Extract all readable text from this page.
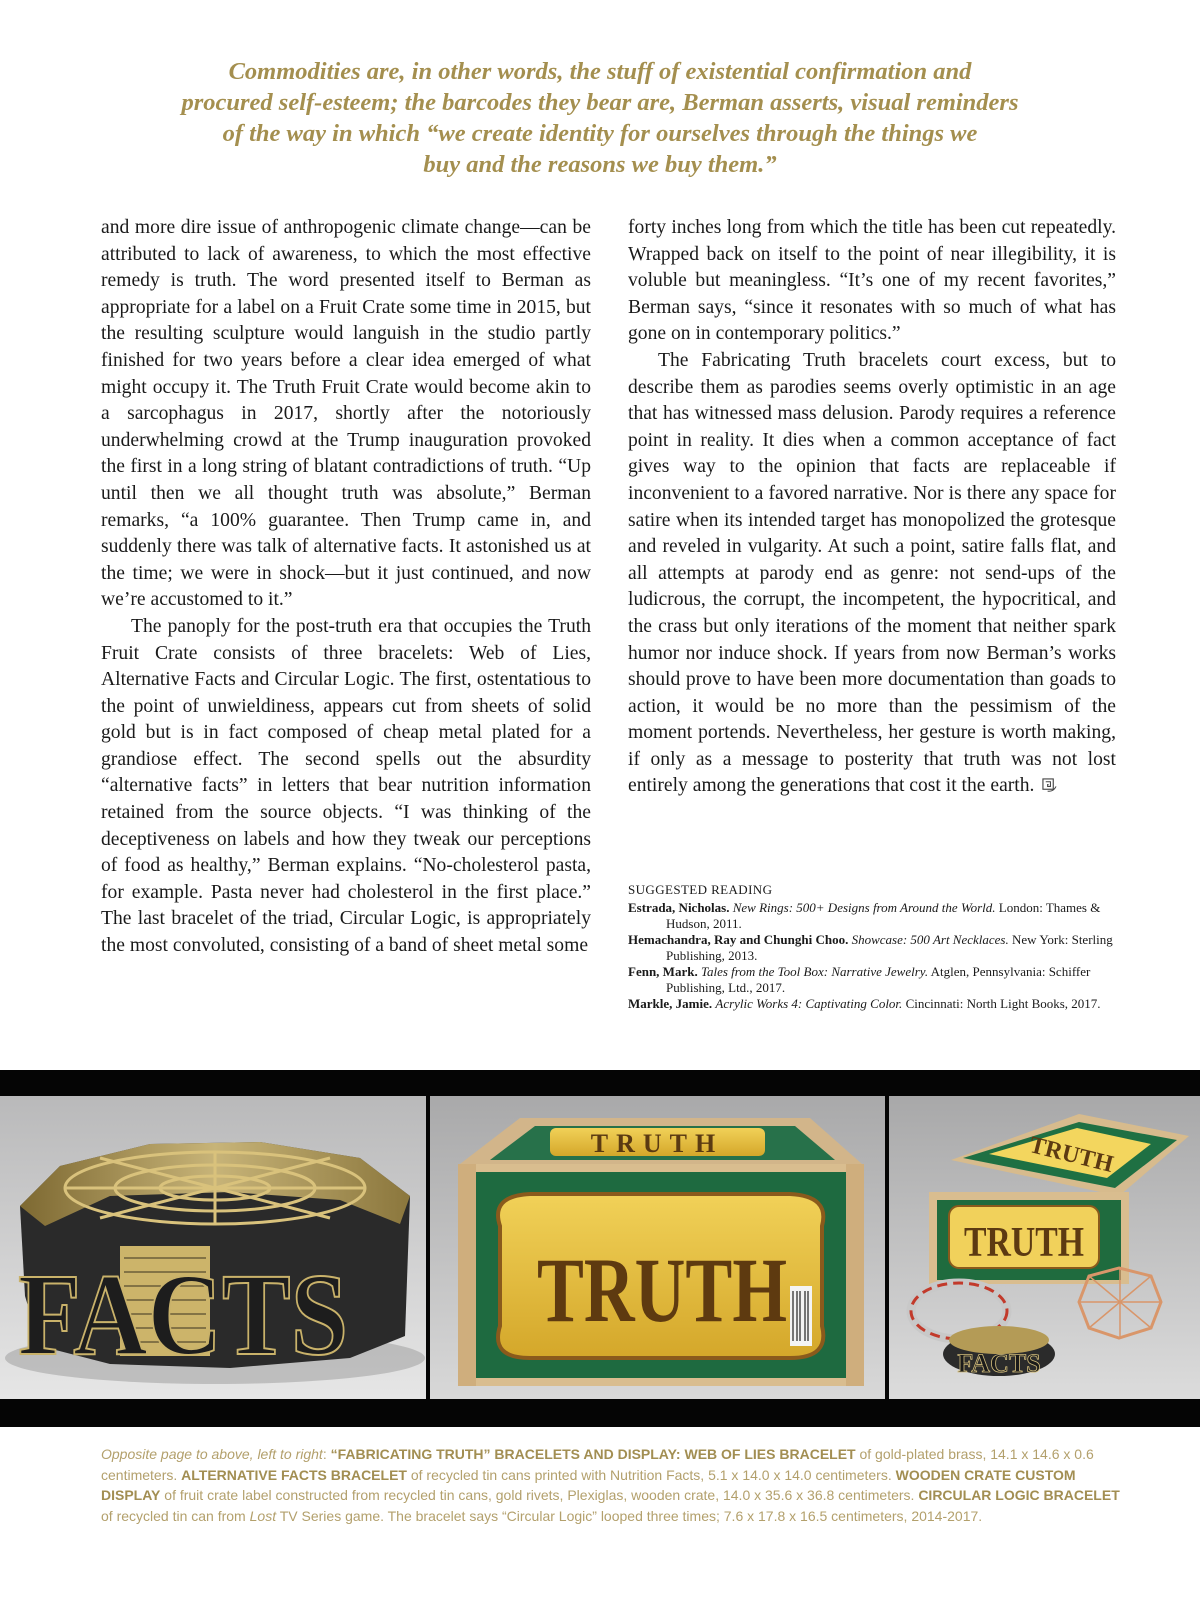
Commodities are, in other words, the stuff of existential confirmation and
procured self-esteem; the barcodes they bear are, Berman asserts, visual reminders
of the way in which “we create identity for ourselves through the things we
buy and the reasons we buy them.”

and more dire issue of anthropogenic climate change—can be attributed to lack of awareness, to which the most effective remedy is truth. The word presented itself to Berman as appropriate for a label on a Fruit Crate some time in 2015, but the resulting sculpture would languish in the studio partly finished for two years before a clear idea emerged of what might occupy it. The Truth Fruit Crate would become akin to a sarcophagus in 2017, shortly after the notoriously underwhelming crowd at the Trump inauguration provoked the first in a long string of blatant contradictions of truth. “Up until then we all thought truth was absolute,” Berman remarks, “a 100% guarantee. Then Trump came in, and suddenly there was talk of alternative facts. It astonished us at the time; we were in shock—but it just continued, and now we’re accustomed to it.”

The panoply for the post-truth era that occupies the Truth Fruit Crate consists of three bracelets: Web of Lies, Alternative Facts and Circular Logic. The first, ostentatious to the point of unwieldiness, appears cut from sheets of solid gold but is in fact composed of cheap metal plated for a grandiose effect. The second spells out the absurdity “alternative facts” in letters that bear nutrition information retained from the source objects. “I was thinking of the deceptiveness on labels and how they tweak our perceptions of food as healthy,” Berman explains. “No-cholesterol pasta, for example. Pasta never had cholesterol in the first place.” The last bracelet of the triad, Circular Logic, is appropriately the most convoluted, consisting of a band of sheet metal some

forty inches long from which the title has been cut repeatedly. Wrapped back on itself to the point of near illegibility, it is voluble but meaningless. “It’s one of my recent favorites,” Berman says, “since it resonates with so much of what has gone on in contemporary politics.”

The Fabricating Truth bracelets court excess, but to describe them as parodies seems overly optimistic in an age that has witnessed mass delusion. Parody requires a reference point in reality. It dies when a common acceptance of fact gives way to the opinion that facts are replaceable if inconvenient to a favored narrative. Nor is there any space for satire when its intended target has monopolized the grotesque and reveled in vulgarity. At such a point, satire falls flat, and all attempts at parody end as genre: not send-ups of the ludicrous, the corrupt, the incompetent, the hypocritical, and the crass but only iterations of the moment that neither spark humor nor induce shock. If years from now Berman’s works should prove to have been more documentation than goads to action, it would be no more than the pessimism of the moment portends. Nevertheless, her gesture is worth making, if only as a message to posterity that truth was not lost entirely among the generations that cost it the earth.

SUGGESTED READING

Estrada, Nicholas. New Rings: 500+ Designs from Around the World. London: Thames & Hudson, 2011.

Hemachandra, Ray and Chunghi Choo. Showcase: 500 Art Necklaces. New York: Sterling Publishing, 2013.

Fenn, Mark. Tales from the Tool Box: Narrative Jewelry. Atglen, Pennsylvania: Schiffer Publishing, Ltd., 2017.

Markle, Jamie. Acrylic Works 4: Captivating Color. Cincinnati: North Light Books, 2017.

FACTS
TRUTH
TRUTH
TRUTH
TRUTH
FACTS

Opposite page to above, left to right: “FABRICATING TRUTH” BRACELETS AND DISPLAY: WEB OF LIES BRACELET of gold-plated brass, 14.1 x 14.6 x 0.6 centimeters. ALTERNATIVE FACTS BRACELET of recycled tin cans printed with Nutrition Facts, 5.1 x 14.0 x 14.0 centimeters. WOODEN CRATE CUSTOM DISPLAY of fruit crate label constructed from recycled tin cans, gold rivets, Plexiglas, wooden crate, 14.0 x 35.6 x 36.8 centimeters. CIRCULAR LOGIC BRACELET of recycled tin can from Lost TV Series game. The bracelet says “Circular Logic” looped three times; 7.6 x 17.8 x 16.5 centimeters, 2014-2017.
